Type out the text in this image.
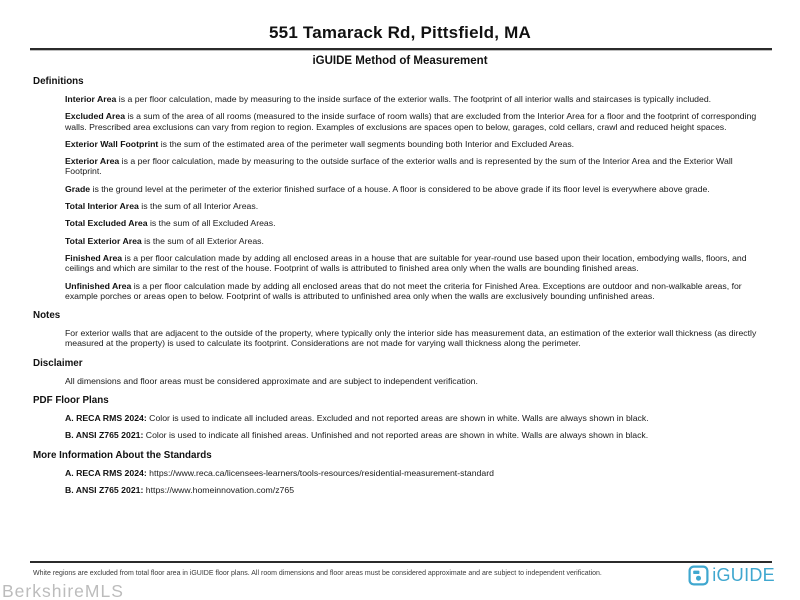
551 Tamarack Rd, Pittsfield, MA
iGUIDE Method of Measurement
Definitions

Interior Area is a per floor calculation, made by measuring to the inside surface of the exterior walls. The footprint of all interior walls and staircases is typically included.

Excluded Area is a sum of the area of all rooms (measured to the inside surface of room walls) that are excluded from the Interior Area for a floor and the footprint of corresponding walls. Prescribed area exclusions can vary from region to region. Examples of exclusions are spaces open to below, garages, cold cellars, crawl and reduced height spaces.

Exterior Wall Footprint is the sum of the estimated area of the perimeter wall segments bounding both Interior and Excluded Areas.

Exterior Area is a per floor calculation, made by measuring to the outside surface of the exterior walls and is represented by the sum of the Interior Area and the Exterior Wall Footprint.

Grade is the ground level at the perimeter of the exterior finished surface of a house. A floor is considered to be above grade if its floor level is everywhere above grade.

Total Interior Area is the sum of all Interior Areas.

Total Excluded Area is the sum of all Excluded Areas.

Total Exterior Area is the sum of all Exterior Areas.

Finished Area is a per floor calculation made by adding all enclosed areas in a house that are suitable for year-round use based upon their location, embodying walls, floors, and ceilings and which are similar to the rest of the house. Footprint of walls is attributed to finished area only when the walls are bounding finished areas.

Unfinished Area is a per floor calculation made by adding all enclosed areas that do not meet the criteria for Finished Area. Exceptions are outdoor and non-walkable areas, for example porches or areas open to below. Footprint of walls is attributed to unfinished area only when the walls are exclusively bounding unfinished areas.

Notes

For exterior walls that are adjacent to the outside of the property, where typically only the interior side has measurement data, an estimation of the exterior wall thickness (as directly measured at the property) is used to calculate its footprint. Considerations are not made for varying wall thickness along the perimeter.

Disclaimer

All dimensions and floor areas must be considered approximate and are subject to independent verification.

PDF Floor Plans

A. RECA RMS 2024: Color is used to indicate all included areas. Excluded and not reported areas are shown in white. Walls are always shown in black.

B. ANSI Z765 2021: Color is used to indicate all finished areas. Unfinished and not reported areas are shown in white. Walls are always shown in black.

More Information About the Standards

A. RECA RMS 2024: https://www.reca.ca/licensees-learners/tools-resources/residential-measurement-standard

B. ANSI Z765 2021: https://www.homeinnovation.com/z765

White regions are excluded from total floor area in iGUIDE floor plans. All room dimensions and floor areas must be considered approximate and are subject to independent verification.	iGUIDE
BerkshireMLS
